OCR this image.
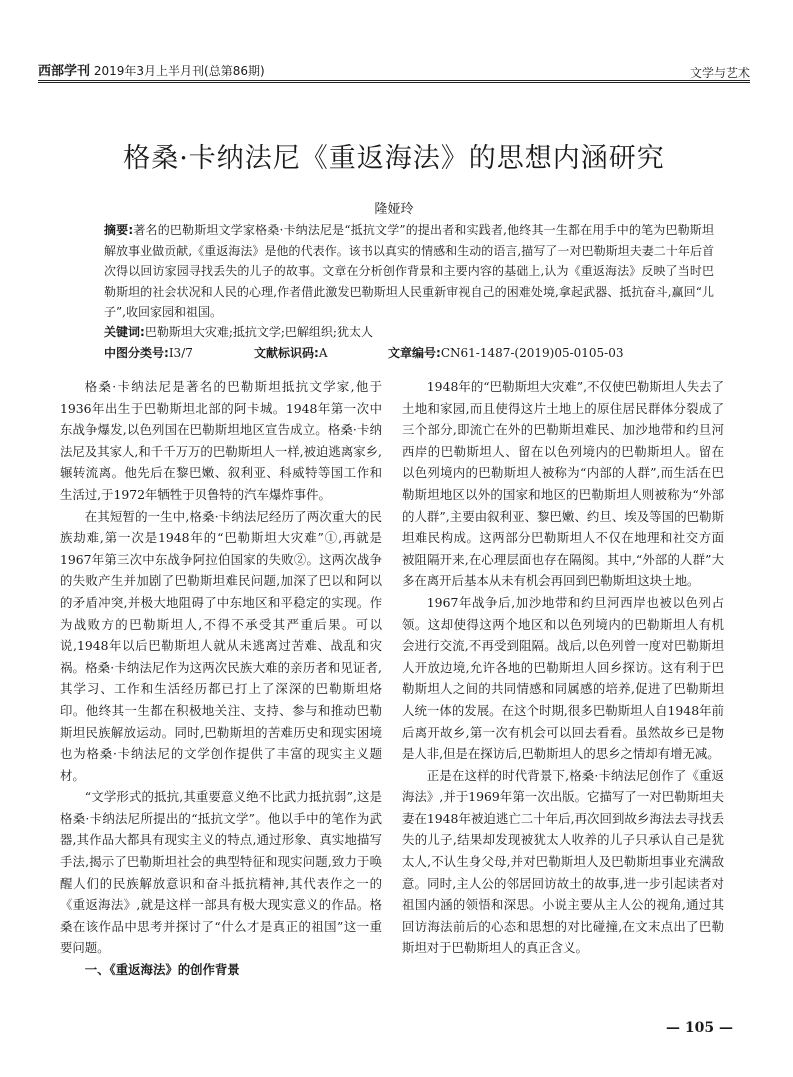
西部学刊 2019年3月上半月刊(总第86期)	文学与艺术
格桑·卡纳法尼《重返海法》的思想内涵研究
隆娅玲
摘要:著名的巴勒斯坦文学家格桑·卡纳法尼是“抵抗文学”的提出者和实践者,他终其一生都在用手中的笔为巴勒斯坦解放事业做贡献,《重返海法》是他的代表作。该书以真实的情感和生动的语言,描写了一对巴勒斯坦夫妻二十年后首次得以回访家园寻找丢失的儿子的故事。文章在分析创作背景和主要内容的基础上,认为《重返海法》反映了当时巴勒斯坦的社会状况和人民的心理,作者借此激发巴勒斯坦人民重新审视自己的困难处境,拿起武器、抵抗奋斗,赢回“儿子”,收回家园和祖国。
关键词:巴勒斯坦大灾难;抵抗文学;巴解组织;犹太人
中图分类号:I3/7	文献标识码:A	文章编号:CN61-1487-(2019)05-0105-03

格桑·卡纳法尼是著名的巴勒斯坦抵抗文学家,他于1936年出生于巴勒斯坦北部的阿卡城。1948年第一次中东战争爆发,以色列国在巴勒斯坦地区宣告成立。格桑·卡纳法尼及其家人,和千千万万的巴勒斯坦人一样,被迫逃离家乡,辗转流离。他先后在黎巴嫩、叙利亚、科威特等国工作和生活过,于1972年牺牲于贝鲁特的汽车爆炸事件。

在其短暂的一生中,格桑·卡纳法尼经历了两次重大的民族劫难,第一次是1948年的“巴勒斯坦大灾难”①,再就是1967年第三次中东战争阿拉伯国家的失败②。这两次战争的失败产生并加剧了巴勒斯坦难民问题,加深了巴以和阿以的矛盾冲突,并极大地阻碍了中东地区和平稳定的实现。作为战败方的巴勒斯坦人,不得不承受其严重后果。可以说,1948年以后巴勒斯坦人就从未逃离过苦难、战乱和灾祸。格桑·卡纳法尼作为这两次民族大难的亲历者和见证者,其学习、工作和生活经历都已打上了深深的巴勒斯坦烙印。他终其一生都在积极地关注、支持、参与和推动巴勒斯坦民族解放运动。同时,巴勒斯坦的苦难历史和现实困境也为格桑·卡纳法尼的文学创作提供了丰富的现实主义题材。

“文学形式的抵抗,其重要意义绝不比武力抵抗弱”,这是格桑·卡纳法尼所提出的“抵抗文学”。他以手中的笔作为武器,其作品大都具有现实主义的特点,通过形象、真实地描写手法,揭示了巴勒斯坦社会的典型特征和现实问题,致力于唤醒人们的民族解放意识和奋斗抵抗精神,其代表作之一的《重返海法》,就是这样一部具有极大现实意义的作品。格桑在该作品中思考并探讨了“什么才是真正的祖国”这一重要问题。

一、《重返海法》的创作背景

1948年的“巴勒斯坦大灾难”,不仅使巴勒斯坦人失去了土地和家园,而且使得这片土地上的原住居民群体分裂成了三个部分,即流亡在外的巴勒斯坦难民、加沙地带和约旦河西岸的巴勒斯坦人、留在以色列境内的巴勒斯坦人。留在以色列境内的巴勒斯坦人被称为“内部的人群”,而生活在巴勒斯坦地区以外的国家和地区的巴勒斯坦人则被称为“外部的人群”,主要由叙利亚、黎巴嫩、约旦、埃及等国的巴勒斯坦难民构成。这两部分巴勒斯坦人不仅在地理和社交方面被阻隔开来,在心理层面也存在隔阂。其中,“外部的人群”大多在离开后基本从未有机会再回到巴勒斯坦这块土地。

1967年战争后,加沙地带和约旦河西岸也被以色列占领。这却使得这两个地区和以色列境内的巴勒斯坦人有机会进行交流,不再受到阻隔。战后,以色列曾一度对巴勒斯坦人开放边境,允许各地的巴勒斯坦人回乡探访。这有利于巴勒斯坦人之间的共同情感和同属感的培养,促进了巴勒斯坦人统一体的发展。在这个时期,很多巴勒斯坦人自1948年前后离开故乡,第一次有机会可以回去看看。虽然故乡已是物是人非,但是在探访后,巴勒斯坦人的思乡之情却有增无减。

正是在这样的时代背景下,格桑·卡纳法尼创作了《重返海法》,并于1969年第一次出版。它描写了一对巴勒斯坦夫妻在1948年被迫逃亡二十年后,再次回到故乡海法去寻找丢失的儿子,结果却发现被犹太人收养的儿子只承认自己是犹太人,不认生身父母,并对巴勒斯坦人及巴勒斯坦事业充满敌意。同时,主人公的邻居回访故土的故事,进一步引起读者对祖国内涵的领悟和深思。小说主要从主人公的视角,通过其回访海法前后的心态和思想的对比碰撞,在文末点出了巴勒斯坦对于巴勒斯坦人的真正含义。

— 105 —
